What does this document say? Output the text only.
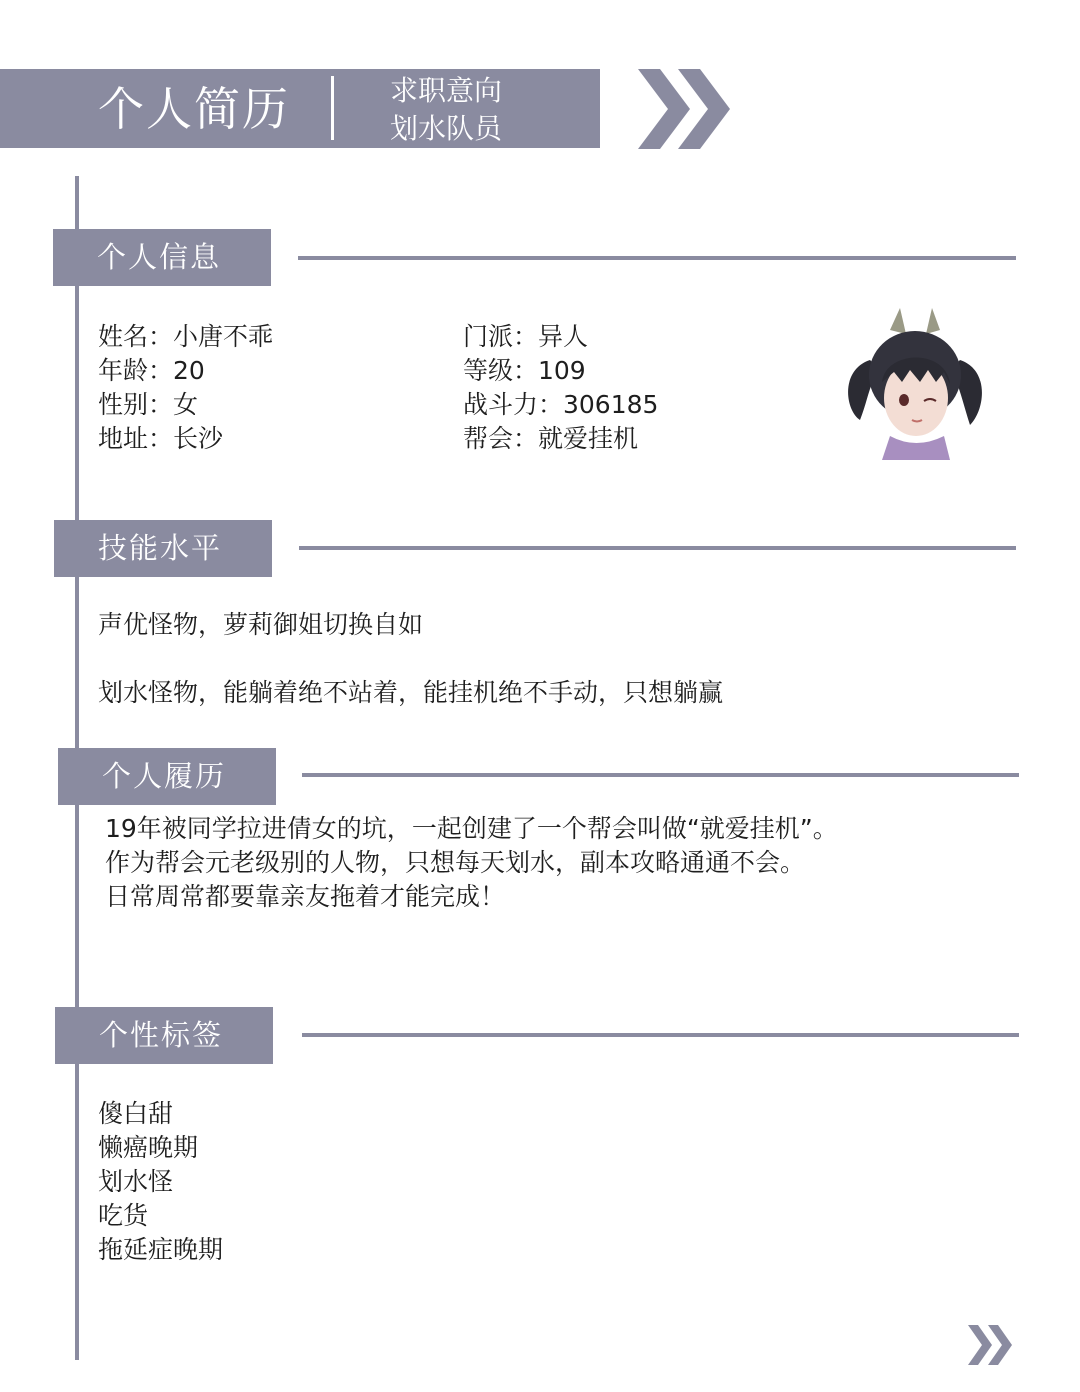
个人简历	求职意向
划水队员
个人信息
姓名：小唐不乖
年龄：20
性别：女
地址：长沙
门派：异人
等级：109
战斗力：306185
帮会：就爱挂机
技能水平
声优怪物，萝莉御姐切换自如
划水怪物，能躺着绝不站着，能挂机绝不手动，只想躺赢
个人履历
19年被同学拉进倩女的坑，一起创建了一个帮会叫做“就爱挂机”。
作为帮会元老级别的人物，只想每天划水，副本攻略通通不会。
日常周常都要靠亲友拖着才能完成！
个性标签
傻白甜
懒癌晚期
划水怪
吃货
拖延症晚期
